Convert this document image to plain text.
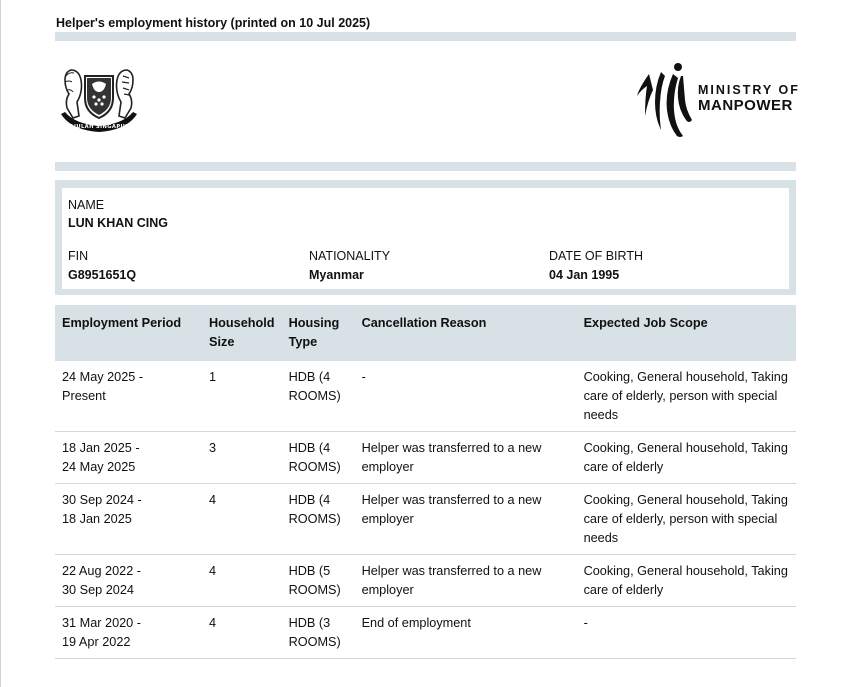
Helper's employment history (printed on 10 Jul 2025)
MAJULAH SINGAPURA
MINISTRY OF
MANPOWER
NAME
LUN KHAN CING
FIN
G8951651Q
NATIONALITY
Myanmar
DATE OF BIRTH
04 Jan 1995
Employment Period	Household Size	Housing Type	Cancellation Reason	Expected Job Scope
24 May 2025 -
Present	1	HDB (4 ROOMS)	-	Cooking, General household, Taking care of elderly, person with special needs
18 Jan 2025 -
24 May 2025	3	HDB (4 ROOMS)	Helper was transferred to a new employer	Cooking, General household, Taking care of elderly
30 Sep 2024 -
18 Jan 2025	4	HDB (4 ROOMS)	Helper was transferred to a new employer	Cooking, General household, Taking care of elderly, person with special needs
22 Aug 2022 -
30 Sep 2024	4	HDB (5 ROOMS)	Helper was transferred to a new employer	Cooking, General household, Taking care of elderly
31 Mar 2020 -
19 Apr 2022	4	HDB (3 ROOMS)	End of employment	-
